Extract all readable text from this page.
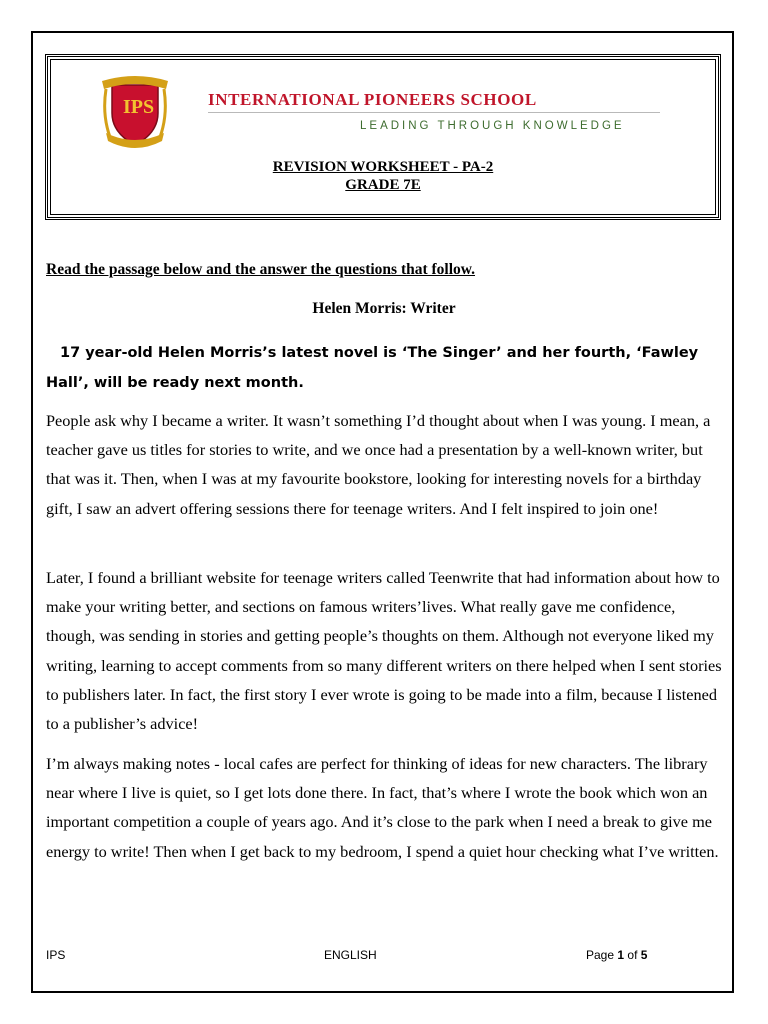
IPS	INTERNATIONAL PIONEERS SCHOOL
LEADING THROUGH KNOWLEDGE
REVISION WORKSHEET - PA-2
GRADE 7E
Read the passage below and the answer the questions that follow.
Helen Morris: Writer
17 year-old Helen Morris’s latest novel is ‘The Singer’ and her fourth, ‘Fawley Hall’, will be ready next month.
People ask why I became a writer. It wasn’t something I’d thought about when I was young. I mean, a teacher gave us titles for stories to write, and we once had a presentation by a well-known writer, but that was it. Then, when I was at my favourite bookstore, looking for interesting novels for a birthday gift, I saw an advert offering sessions there for teenage writers. And I felt inspired to join one!
Later, I found a brilliant website for teenage writers called Teenwrite that had information about how to make your writing better, and sections on famous writers’lives. What really gave me confidence, though, was sending in stories and getting people’s thoughts on them. Although not everyone liked my writing, learning to accept comments from so many different writers on there helped when I sent stories to publishers later. In fact, the first story I ever wrote is going to be made into a film, because I listened to a publisher’s advice!
I’m always making notes - local cafes are perfect for thinking of ideas for new characters. The library near where I live is quiet, so I get lots done there. In fact, that’s where I wrote the book which won an important competition a couple of years ago. And it’s close to the park when I need a break to give me energy to write! Then when I get back to my bedroom, I spend a quiet hour checking what I’ve written.
IPS	ENGLISH	Page 1 of 5
